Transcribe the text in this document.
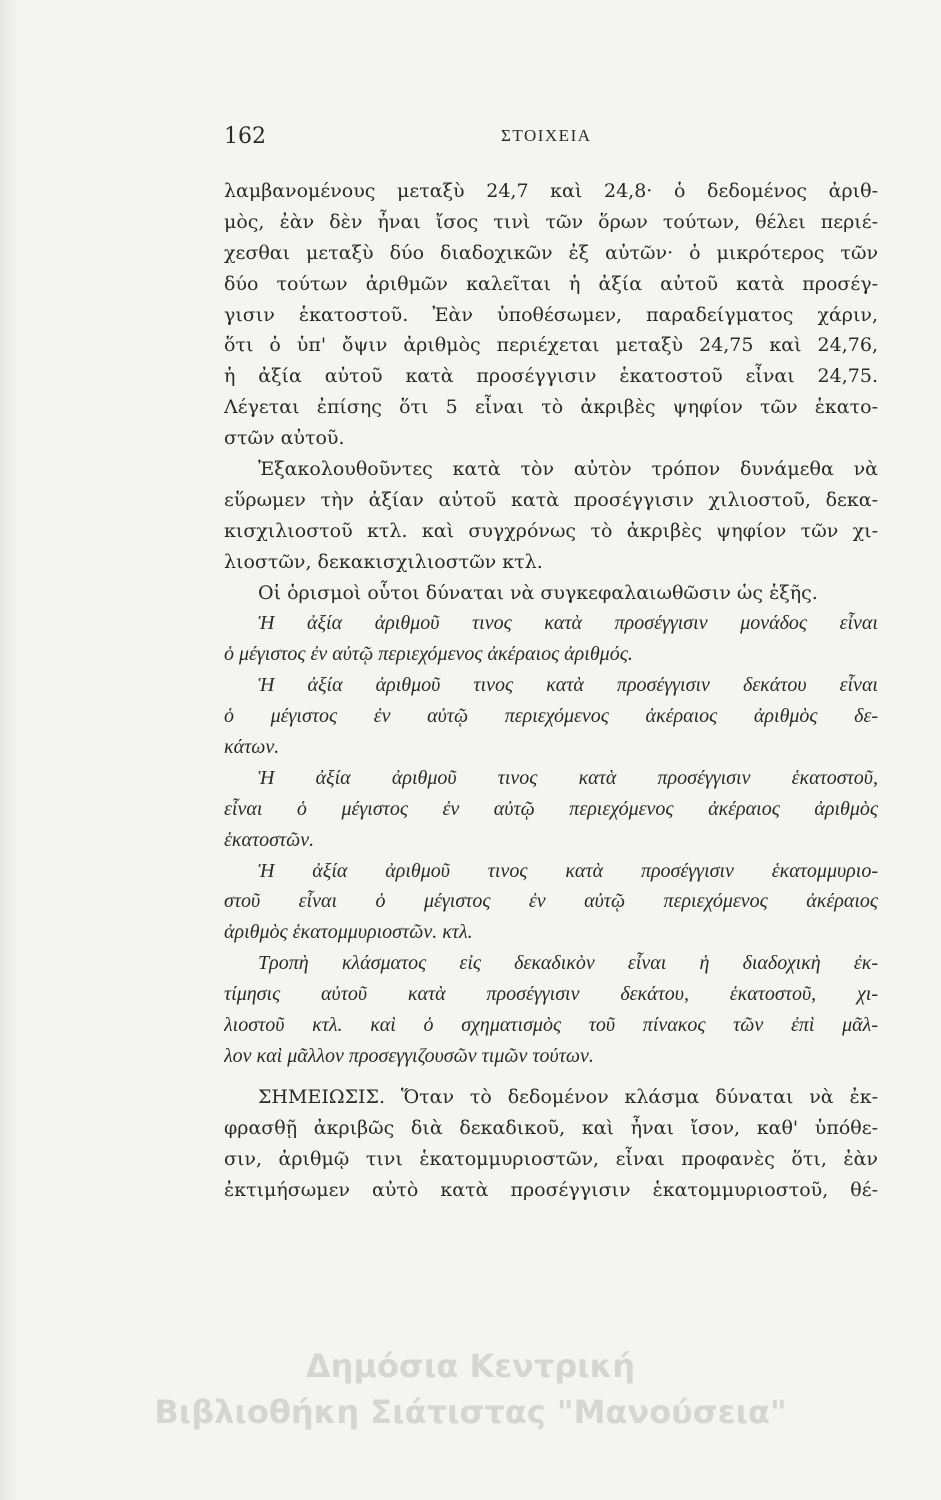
162	ΣΤΟΙΧΕΙΑ
λαμβανομένους μεταξὺ 24,7 καὶ 24,8· ὁ δεδομένος ἀριθ-
μὸς, ἐὰν δὲν ἦναι ἴσος τινὶ τῶν ὅρων τούτων, θέλει περιέ-
χεσθαι μεταξὺ δύο διαδοχικῶν ἐξ αὐτῶν· ὁ μικρότερος τῶν
δύο τούτων ἀριθμῶν καλεῖται ἡ ἀξία αὐτοῦ κατὰ προσέγ-
γισιν ἑκατοστοῦ. Ἐὰν ὑποθέσωμεν, παραδείγματος χάριν,
ὅτι ὁ ὑπ' ὄψιν ἀριθμὸς περιέχεται μεταξὺ 24,75 καὶ 24,76,
ἡ ἀξία αὐτοῦ κατὰ προσέγγισιν ἑκατοστοῦ εἶναι 24,75.
Λέγεται ἐπίσης ὅτι 5 εἶναι τὸ ἀκριβὲς ψηφίον τῶν ἑκατο-
στῶν αὐτοῦ.
Ἐξακολουθοῦντες κατὰ τὸν αὐτὸν τρόπον δυνάμεθα νὰ
εὕρωμεν τὴν ἀξίαν αὐτοῦ κατὰ προσέγγισιν χιλιοστοῦ, δεκα-
κισχιλιοστοῦ κτλ. καὶ συγχρόνως τὸ ἀκριβὲς ψηφίον τῶν χι-
λιοστῶν, δεκακισχιλιοστῶν κτλ.
Οἱ ὁρισμοὶ οὗτοι δύναται νὰ συγκεφαλαιωθῶσιν ὡς ἑξῆς.
Ἡ ἀξία ἀριθμοῦ τινος κατὰ προσέγγισιν μονάδος εἶναι
ὁ μέγιστος ἐν αὐτῷ περιεχόμενος ἀκέραιος ἀριθμός.
Ἡ ἀξία ἀριθμοῦ τινος κατὰ προσέγγισιν δεκάτου εἶναι
ὁ μέγιστος ἐν αὐτῷ περιεχόμενος ἀκέραιος ἀριθμὸς δε-
κάτων.
Ἡ ἀξία ἀριθμοῦ τινος κατὰ προσέγγισιν ἑκατοστοῦ,
εἶναι ὁ μέγιστος ἐν αὐτῷ περιεχόμενος ἀκέραιος ἀριθμὸς
ἑκατοστῶν.
Ἡ ἀξία ἀριθμοῦ τινος κατὰ προσέγγισιν ἑκατομμυριο-
στοῦ εἶναι ὁ μέγιστος ἐν αὐτῷ περιεχόμενος ἀκέραιος
ἀριθμὸς ἑκατομμυριοστῶν. κτλ.
Τροπὴ κλάσματος εἰς δεκαδικὸν εἶναι ἡ διαδοχικὴ ἐκ-
τίμησις αὐτοῦ κατὰ προσέγγισιν δεκάτου, ἑκατοστοῦ, χι-
λιοστοῦ κτλ. καὶ ὁ σχηματισμὸς τοῦ πίνακος τῶν ἐπὶ μᾶλ-
λον καὶ μᾶλλον προσεγγιζουσῶν τιμῶν τούτων.
ΣΗΜΕΙΩΣΙΣ. Ὅταν τὸ δεδομένον κλάσμα δύναται νὰ ἐκ-
φρασθῇ ἀκριβῶς διὰ δεκαδικοῦ, καὶ ἦναι ἴσον, καθ' ὑπόθε-
σιν, ἀριθμῷ τινι ἑκατομμυριοστῶν, εἶναι προφανὲς ὅτι, ἐὰν
ἐκτιμήσωμεν αὐτὸ κατὰ προσέγγισιν ἑκατομμυριοστοῦ, θέ-
Δημόσια Κεντρική
Βιβλιοθήκη Σιάτιστας "Μανούσεια"
